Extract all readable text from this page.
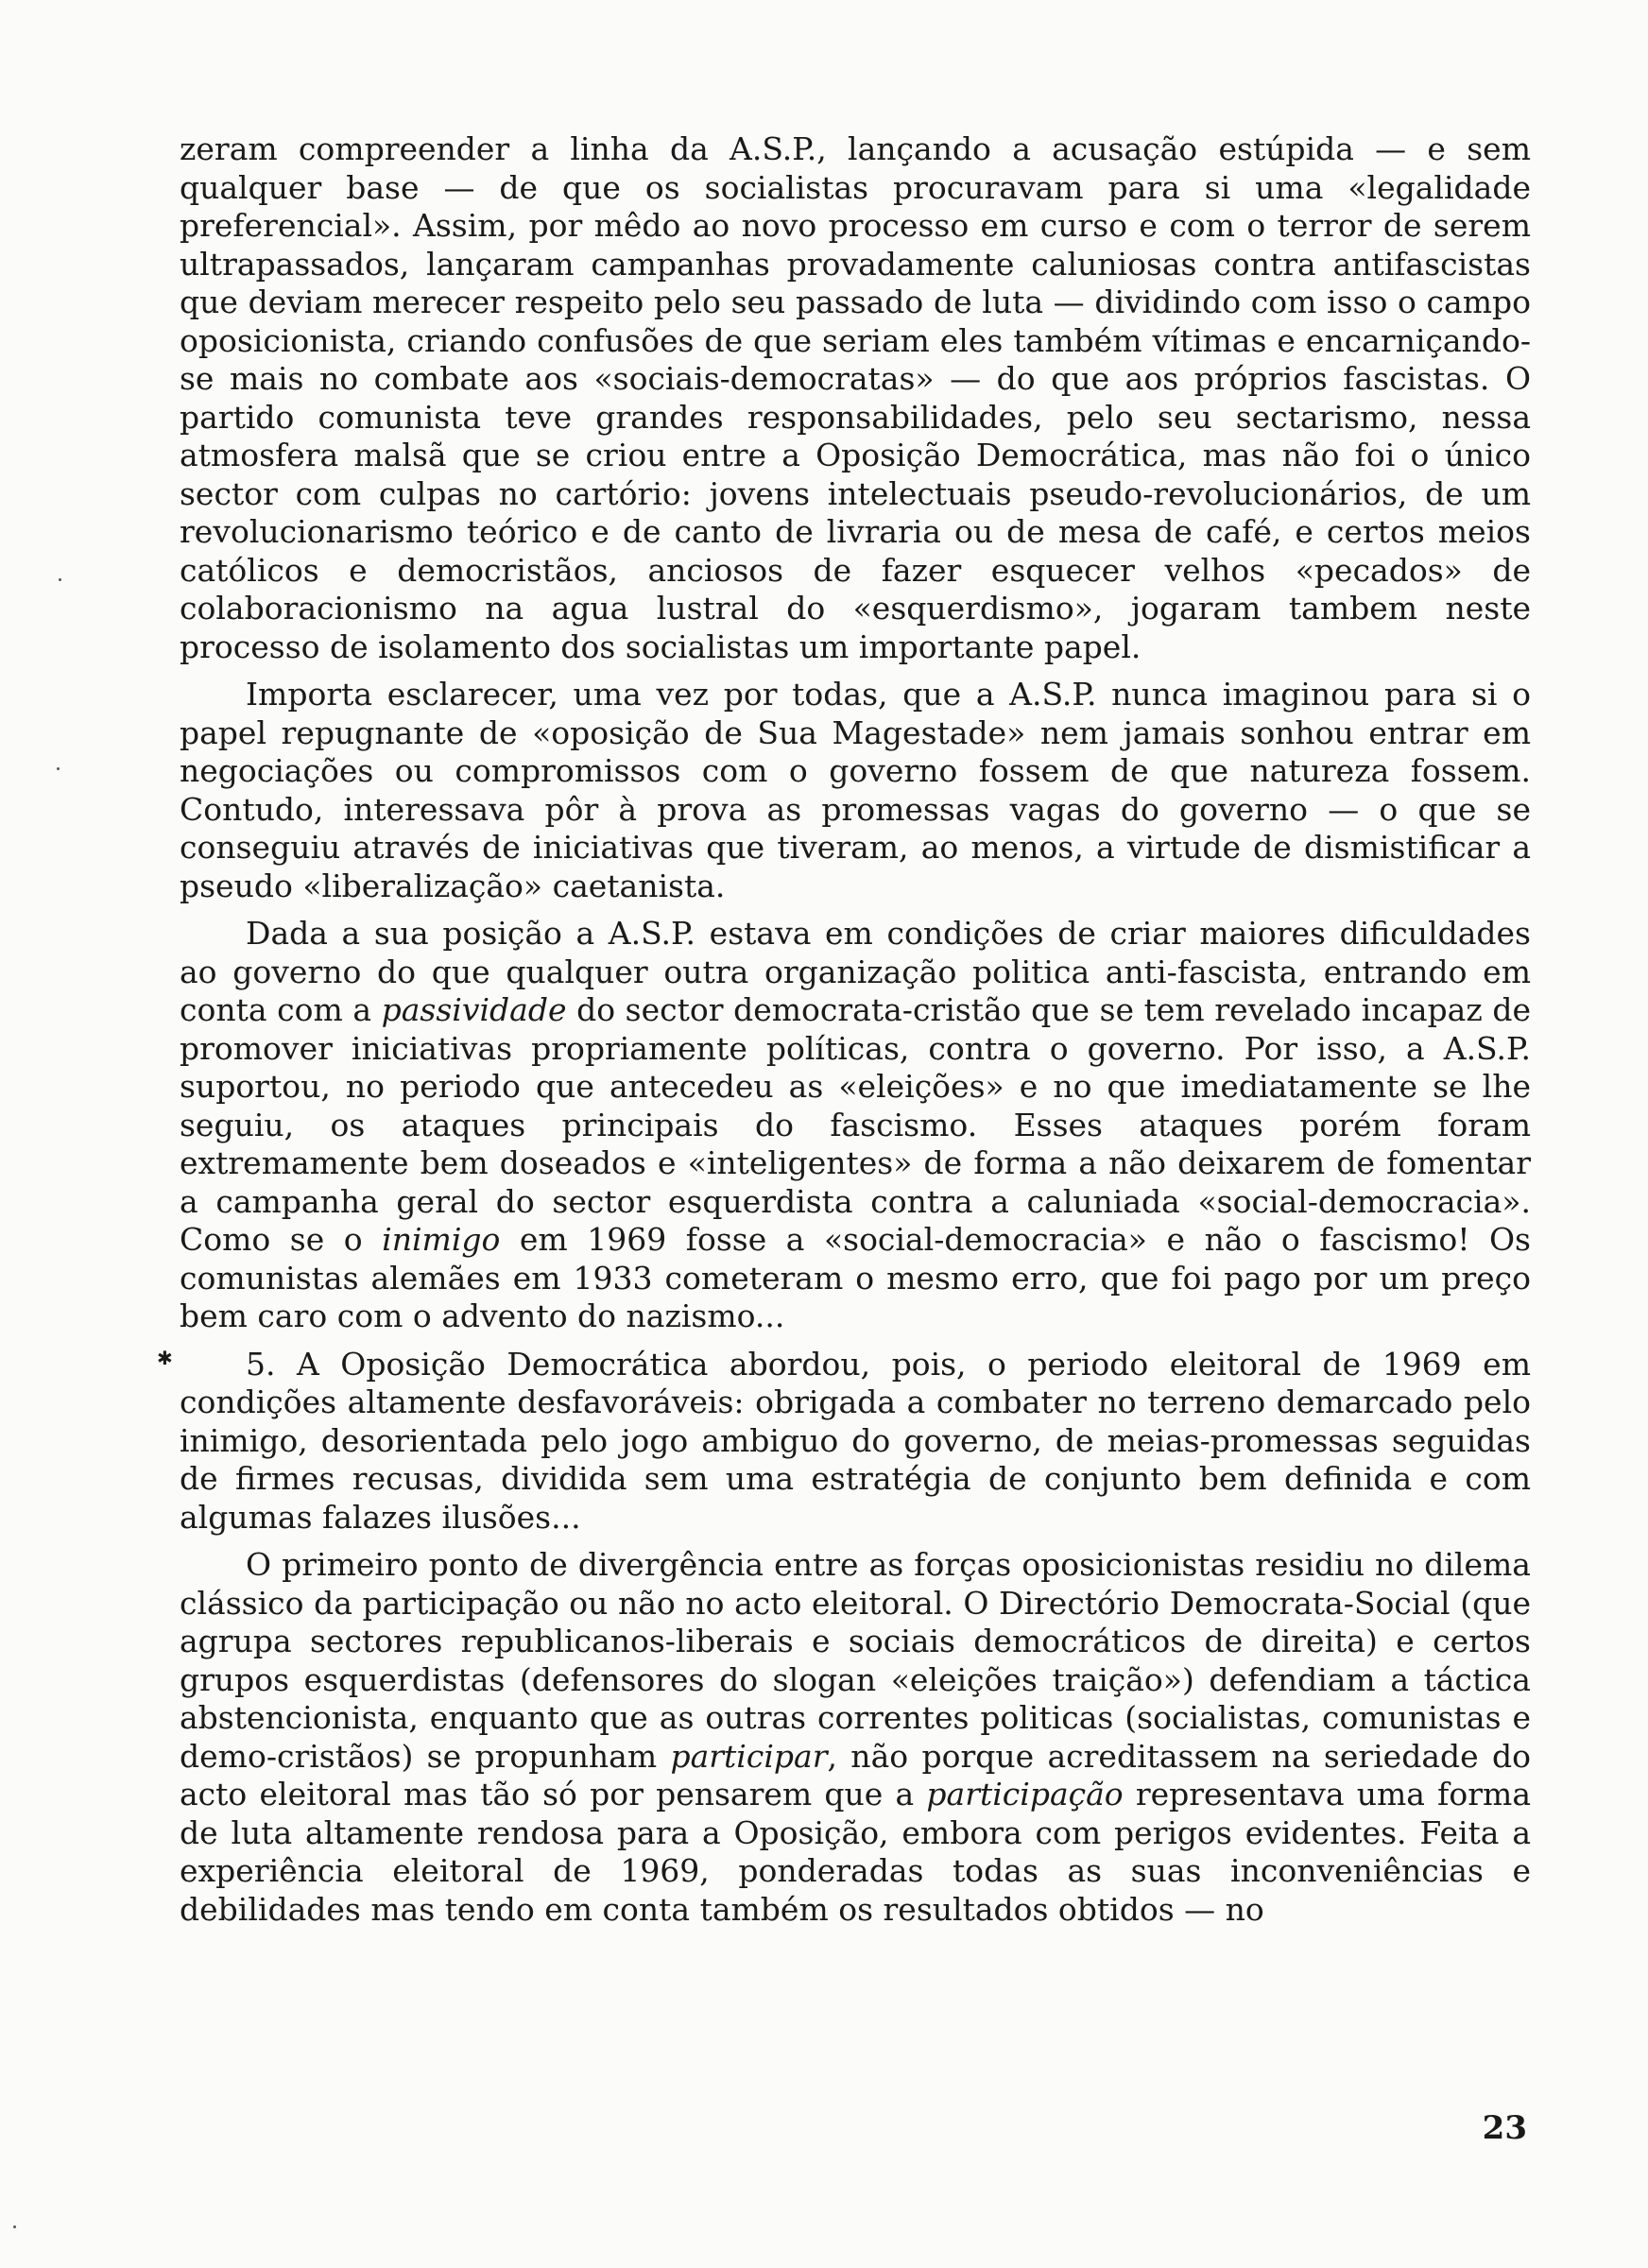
zeram compreender a linha da A.S.P., lançando a acusação estúpida — e sem qualquer base — de que os socialistas procuravam para si uma «legalidade preferencial». Assim, por mêdo ao novo processo em curso e com o terror de serem ultrapassados, lançaram campanhas provadamente caluniosas contra antifascistas que deviam merecer respeito pelo seu passado de luta — dividindo com isso o campo oposicionista, criando confusões de que seriam eles também vítimas e encarniçando-se mais no combate aos «sociais-democratas» — do que aos próprios fascistas. O partido comunista teve grandes responsabilidades, pelo seu sectarismo, nessa atmosfera malsã que se criou entre a Oposição Democrática, mas não foi o único sector com culpas no cartório: jovens intelectuais pseudo-revolucionários, de um revolucionarismo teórico e de canto de livraria ou de mesa de café, e certos meios católicos e democristãos, anciosos de fazer esquecer velhos «pecados» de colaboracionismo na agua lustral do «esquerdismo», jogaram tambem neste processo de isolamento dos socialistas um importante papel.

Importa esclarecer, uma vez por todas, que a A.S.P. nunca imaginou para si o papel repugnante de «oposição de Sua Magestade» nem jamais sonhou entrar em negociações ou compromissos com o governo fossem de que natureza fossem. Contudo, interessava pôr à prova as promessas vagas do governo — o que se conseguiu através de iniciativas que tiveram, ao menos, a virtude de dismistificar a pseudo «liberalização» caetanista.

Dada a sua posição a A.S.P. estava em condições de criar maiores dificuldades ao governo do que qualquer outra organização politica anti-fascista, entrando em conta com a passividade do sector democrata-cristão que se tem revelado incapaz de promover iniciativas propriamente políticas, contra o governo. Por isso, a A.S.P. suportou, no periodo que antecedeu as «eleições» e no que imediatamente se lhe seguiu, os ataques principais do fascismo. Esses ataques porém foram extremamente bem doseados e «inteligentes» de forma a não deixarem de fomentar a campanha geral do sector esquerdista contra a caluniada «social-democracia». Como se o inimigo em 1969 fosse a «social-democracia» e não o fascismo! Os comunistas alemães em 1933 cometeram o mesmo erro, que foi pago por um preço bem caro com o advento do nazismo...

5. A Oposição Democrática abordou, pois, o periodo eleitoral de 1969 em condições altamente desfavoráveis: obrigada a combater no terreno demarcado pelo inimigo, desorientada pelo jogo ambiguo do governo, de meias-promessas seguidas de firmes recusas, dividida sem uma estratégia de conjunto bem definida e com algumas falazes ilusões...

O primeiro ponto de divergência entre as forças oposicionistas residiu no dilema clássico da participação ou não no acto eleitoral. O Directório Democrata-Social (que agrupa sectores republicanos-liberais e sociais democráticos de direita) e certos grupos esquerdistas (defensores do slogan «eleições traição») defendiam a táctica abstencionista, enquanto que as outras correntes politicas (socialistas, comunistas e demo-cristãos) se propunham participar, não porque acreditassem na seriedade do acto eleitoral mas tão só por pensarem que a participação representava uma forma de luta altamente rendosa para a Oposição, embora com perigos evidentes. Feita a experiência eleitoral de 1969, ponderadas todas as suas inconveniências e debilidades mas tendo em conta também os resultados obtidos — no

23
✱
